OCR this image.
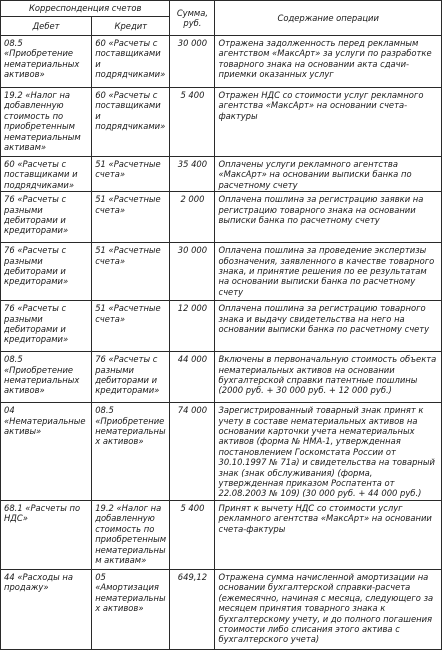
Корреспонденция счетов		Сумма, руб.	Содержание операции
Дебет	Кредит		
08.5 «Приобретение нематериальных активов»	60 «Расчеты с поставщиками и подрядчиками»	30 000	Отражена задолженность перед рекламным агентством «МаксАрт» за услуги по разработке товарного знака на основании акта сдачи-приемки оказанных услуг
19.2 «Налог на добавленную стоимость по приобретенным нематериальным активам»	60 «Расчеты с поставщиками и подрядчиками»	5 400	Отражен НДС со стоимости услуг рекламного агентства «МаксАрт» на основании счета-фактуры
60 «Расчеты с поставщиками и подрядчиками»	51 «Расчетные счета»	35 400	Оплачены услуги рекламного агентства «МаксАрт» на основании выписки банка по расчетному счету
76 «Расчеты с разными дебиторами и кредиторами»	51 «Расчетные счета»	2 000	Оплачена пошлина за регистрацию заявки на регистрацию товарного знака на основании выписки банка по расчетному счету
76 «Расчеты с разными дебиторами и кредиторами»	51 «Расчетные счета»	30 000	Оплачена пошлина за проведение экспертизы обозначения, заявленного в качестве товарного знака, и принятие решения по ее результатам на основании выписки банка по расчетному счету
76 «Расчеты с разными дебиторами и кредиторами»	51 «Расчетные счета»	12 000	Оплачена пошлина за регистрацию товарного знака и выдачу свидетельства на него на основании выписки банка по расчетному счету
08.5 «Приобретение нематериальных активов»	76 «Расчеты с разными дебиторами и кредиторами»	44 000	Включены в первоначальную стоимость объекта нематериальных активов на основании бухгалтерской справки патентные пошлины (2000 руб. + 30 000 руб. + 12 000 руб.)
04 «Нематериальные активы»	08.5 «Приобретение нематериальных активов»	74 000	Зарегистрированный товарный знак принят к учету в составе нематериальных активов на основании карточки учета нематериальных активов (форма № НМА-1, утвержденная постановлением Госкомстата России от 30.10.1997 № 71а) и свидетельства на товарный знак (знак обслуживания) (форма, утвержденная приказом Роспатента от 22.08.2003 № 109) (30 000 руб. + 44 000 руб.)
68.1 «Расчеты по НДС»	19.2 «Налог на добавленную стоимость по приобретенным нематериальным активам»	5 400	Принят к вычету НДС со стоимости услуг рекламного агентства «МаксАрт» на основании счета-фактуры
44 «Расходы на продажу»	05 «Амортизация нематериальных активов»	649,12	Отражена сумма начисленной амортизации на основании бухгалтерской справки-расчета (ежемесячно, начиная с месяца, следующего за месяцем принятия товарного знака к бухгалтерскому учету, и до полного погашения стоимости либо списания этого актива с бухгалтерского учета)
